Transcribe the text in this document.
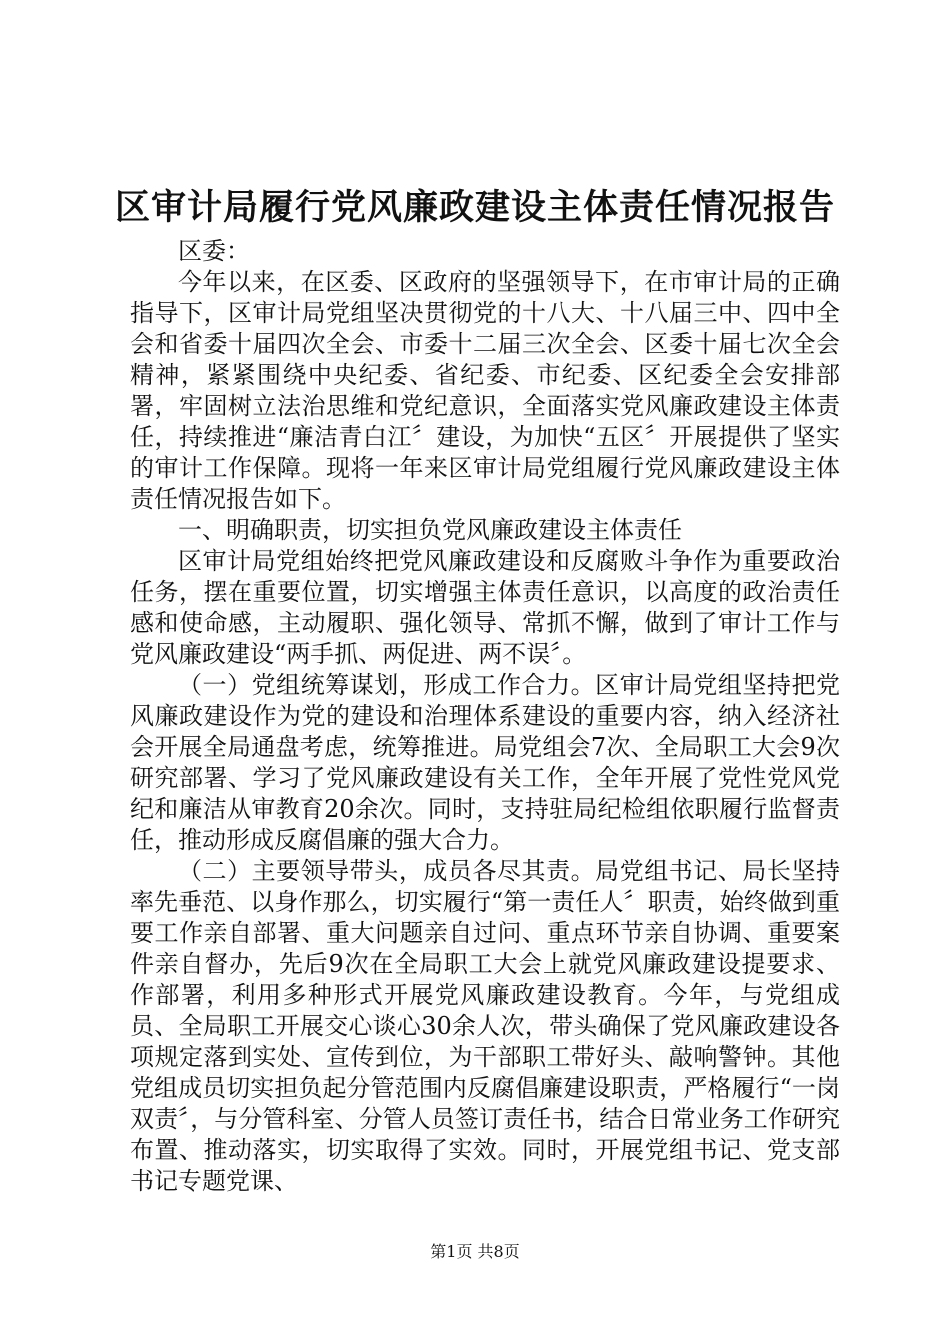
区审计局履行党风廉政建设主体责任情况报告

区委：

今年以来，在区委、区政府的坚强领导下，在市审计局的正确指导下，区审计局党组坚决贯彻党的十八大、十八届三中、四中全会和省委十届四次全会、市委十二届三次全会、区委十届七次全会精神，紧紧围绕中央纪委、省纪委、市纪委、区纪委全会安排部署，牢固树立法治思维和党纪意识，全面落实党风廉政建设主体责任，持续推进“廉洁青白江〞建设，为加快“五区〞开展提供了坚实的审计工作保障。现将一年来区审计局党组履行党风廉政建设主体责任情况报告如下。

一、明确职责，切实担负党风廉政建设主体责任

区审计局党组始终把党风廉政建设和反腐败斗争作为重要政治任务，摆在重要位置，切实增强主体责任意识，以高度的政治责任感和使命感，主动履职、强化领导、常抓不懈，做到了审计工作与党风廉政建设“两手抓、两促进、两不误〞。

（一）党组统筹谋划，形成工作合力。区审计局党组坚持把党风廉政建设作为党的建设和治理体系建设的重要内容，纳入经济社会开展全局通盘考虑，统筹推进。局党组会7次、全局职工大会9次研究部署、学习了党风廉政建设有关工作，全年开展了党性党风党纪和廉洁从审教育20余次。同时，支持驻局纪检组依职履行监督责任，推动形成反腐倡廉的强大合力。

（二）主要领导带头，成员各尽其责。局党组书记、局长坚持率先垂范、以身作那么，切实履行“第一责任人〞职责，始终做到重要工作亲自部署、重大问题亲自过问、重点环节亲自协调、重要案件亲自督办，先后9次在全局职工大会上就党风廉政建设提要求、作部署，利用多种形式开展党风廉政建设教育。今年，与党组成员、全局职工开展交心谈心30余人次，带头确保了党风廉政建设各项规定落到实处、宣传到位，为干部职工带好头、敲响警钟。其他党组成员切实担负起分管范围内反腐倡廉建设职责，严格履行“一岗双责〞，与分管科室、分管人员签订责任书，结合日常业务工作研究布置、推动落实，切实取得了实效。同时，开展党组书记、党支部书记专题党课、

第1页 共8页
